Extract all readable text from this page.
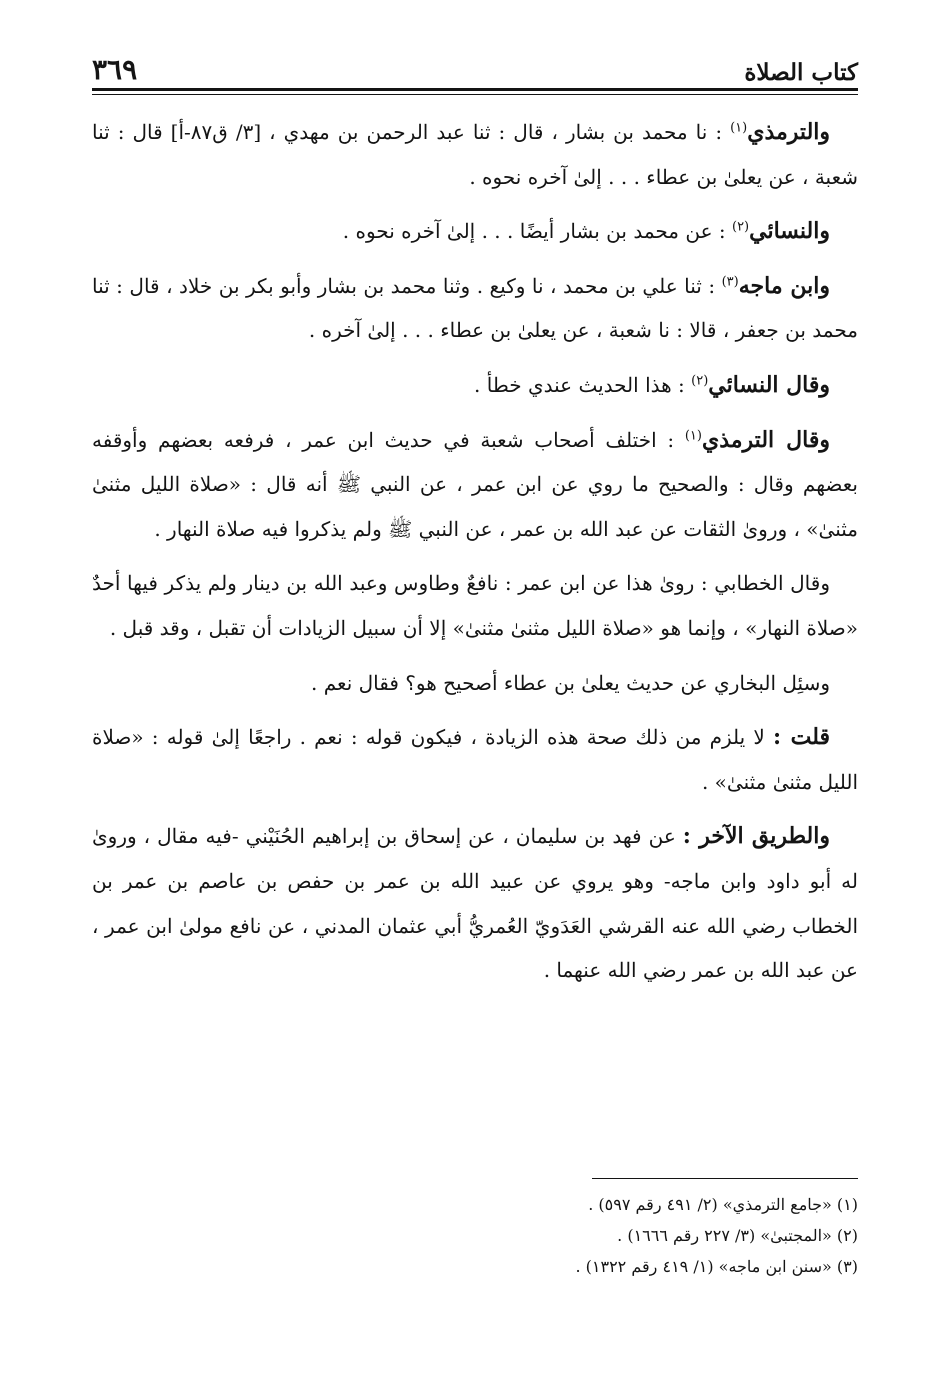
كتاب الصلاة
٣٦٩

والترمذي$^{(١)}$ : نا محمد بن بشار ، قال : ثنا عبد الرحمن بن مهدي ، [٣/ ق٨٧-أ] قال : ثنا شعبة ، عن يعلىٰ بن عطاء . . . إلىٰ آخره نحوه .

والنسائي$^{(٢)}$ : عن محمد بن بشار أيضًا . . . إلىٰ آخره نحوه .

وابن ماجه$^{(٣)}$ : ثنا علي بن محمد ، نا وكيع . وثنا محمد بن بشار وأبو بكر بن خلاد ، قال : ثنا محمد بن جعفر ، قالا : نا شعبة ، عن يعلىٰ بن عطاء . . . إلىٰ آخره .

وقال النسائي$^{(٢)}$ : هذا الحديث عندي خطأ .

وقال الترمذي$^{(١)}$ : اختلف أصحاب شعبة في حديث ابن عمر ، فرفعه بعضهم وأوقفه بعضهم وقال : والصحيح ما روي عن ابن عمر ، عن النبي ﷺ أنه قال : «صلاة الليل مثنىٰ مثنىٰ» ، ورویٰ الثقات عن عبد الله بن عمر ، عن النبي ﷺ ولم يذكروا فيه صلاة النهار .

وقال الخطابي : رویٰ هذا عن ابن عمر : نافعٌ وطاوس وعبد الله بن دينار ولم يذكر فيها أحدٌ «صلاة النهار» ، وإنما هو «صلاة الليل مثنىٰ مثنىٰ» إلا أن سبيل الزيادات أن تقبل ، وقد قبل .

وسئِل البخاري عن حديث يعلىٰ بن عطاء أصحيح هو؟ فقال نعم .

قلت : لا يلزم من ذلك صحة هذه الزيادة ، فيكون قوله : نعم . راجعًا إلىٰ قوله : «صلاة الليل مثنىٰ مثنىٰ» .

والطريق الآخر : عن فهد بن سليمان ، عن إسحاق بن إبراهيم الحُنَيْني -فيه مقال ، وروىٰ له أبو داود وابن ماجه- وهو يروي عن عبيد الله بن عمر بن حفص بن عاصم بن عمر بن الخطاب رضي الله عنه القرشي العَدَويّ العُمريُّ أبي عثمان المدني ، عن نافع مولىٰ ابن عمر ، عن عبد الله بن عمر رضي الله عنهما .

(١) «جامع الترمذي» (٢/ ٤٩١ رقم ٥٩٧) .

(٢) «المجتبىٰ» (٣/ ٢٢٧ رقم ١٦٦٦) .

(٣) «سنن ابن ماجه» (١/ ٤١٩ رقم ١٣٢٢) .
